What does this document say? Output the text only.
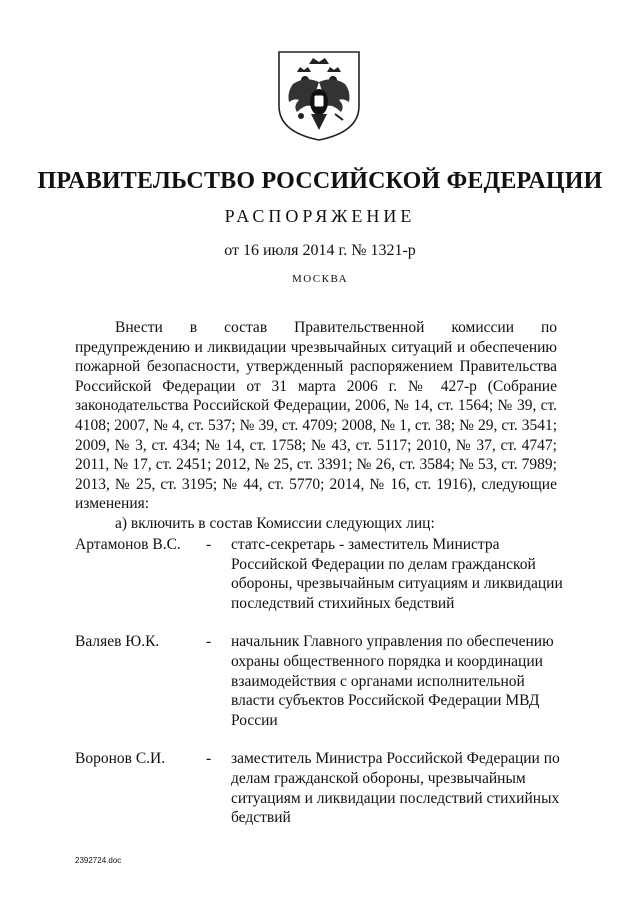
ПРАВИТЕЛЬСТВО РОССИЙСКОЙ ФЕДЕРАЦИИ
РАСПОРЯЖЕНИЕ
от 16 июля 2014 г. № 1321-р
МОСКВА

Внести в состав Правительственной комиссии по предупреждению и ликвидации чрезвычайных ситуаций и обеспечению пожарной безопасности, утвержденный распоряжением Правительства Российской Федерации от 31 марта 2006 г. № 427-р (Собрание законодательства Российской Федерации, 2006, № 14, ст. 1564; № 39, ст. 4108; 2007, № 4, ст. 537; № 39, ст. 4709; 2008, № 1, ст. 38; № 29, ст. 3541; 2009, № 3, ст. 434; № 14, ст. 1758; № 43, ст. 5117; 2010, № 37, ст. 4747; 2011, № 17, ст. 2451; 2012, № 25, ст. 3391; № 26, ст. 3584; № 53, ст. 7989; 2013, № 25, ст. 3195; № 44, ст. 5770; 2014, № 16, ст. 1916), следующие изменения:

а) включить в состав Комиссии следующих лиц:

Артамонов В.С.	-	статс-секретарь - заместитель Министра Российской Федерации по делам гражданской обороны, чрезвычайным ситуациям и ликвидации последствий стихийных бедствий
Валяев Ю.К.	-	начальник Главного управления по обеспечению охраны общественного порядка и координации взаимодействия с органами исполнительной власти субъектов Российской Федерации МВД России
Воронов С.И.	-	заместитель Министра Российской Федерации по делам гражданской обороны, чрезвычайным ситуациям и ликвидации последствий стихийных бедствий
2392724.doc
